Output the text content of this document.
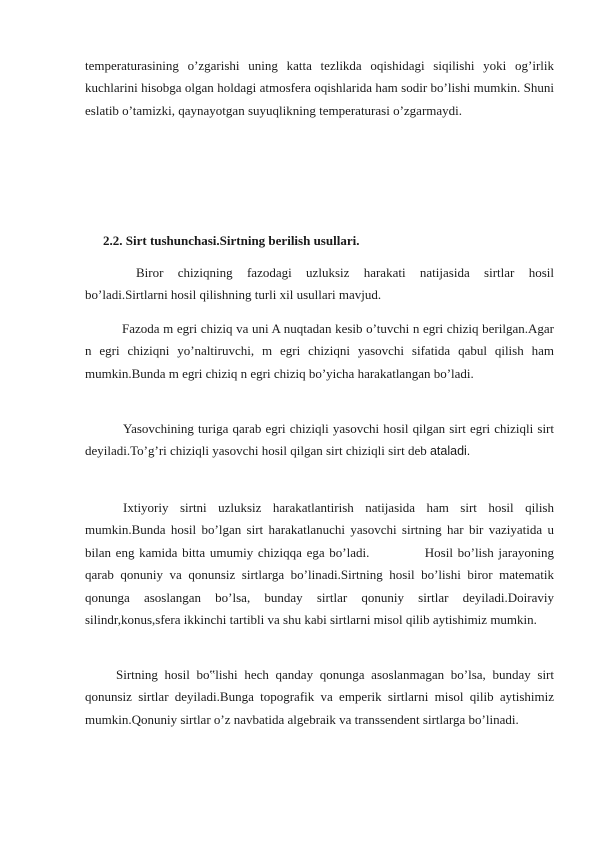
temperaturasining o’zgarishi uning katta tezlikda oqishidagi siqilishi yoki og’irlik kuchlarini hisobga olgan holdagi atmosfera oqishlarida ham sodir bo’lishi mumkin. Shuni eslatib o’tamizki, qaynayotgan suyuqlikning temperaturasi o’zgarmaydi.
2.2. Sirt tushunchasi.Sirtning berilish usullari.
Biror chiziqning fazodagi uzluksiz harakati natijasida sirtlar hosil bo’ladi.Sirtlarni hosil qilishning turli xil usullari mavjud.
Fazoda m egri chiziq va uni A nuqtadan kesib o’tuvchi n egri chiziq berilgan.Agar n egri chiziqni yo’naltiruvchi, m egri chiziqni yasovchi sifatida qabul qilish ham mumkin.Bunda m egri chiziq n egri chiziq bo’yicha harakatlangan bo’ladi.
Yasovchining turiga qarab egri chiziqli yasovchi hosil qilgan sirt egri chiziqli sirt deyiladi.To’g’ri chiziqli yasovchi hosil qilgan sirt chiziqli sirt deb ataladi.
Ixtiyoriy sirtni uzluksiz harakatlantirish natijasida ham sirt hosil qilish mumkin.Bunda hosil bo’lgan sirt harakatlanuchi yasovchi sirtning har bir vaziyatida u bilan eng kamida bitta umumiy chiziqqa ega bo’ladi.	Hosil bo’lish jarayoning qarab qonuniy va qonunsiz sirtlarga bo’linadi.Sirtning hosil bo’lishi biror matematik qonunga asoslangan bo’lsa, bunday sirtlar qonuniy sirtlar deyiladi.Doiraviy silindr,konus,sfera ikkinchi tartibli va shu kabi sirtlarni misol qilib aytishimiz mumkin.
Sirtning hosil bo‟lishi hech qanday qonunga asoslanmagan bo’lsa, bunday sirt qonunsiz sirtlar deyiladi.Bunga topografik va emperik sirtlarni misol qilib aytishimiz mumkin.Qonuniy sirtlar o’z navbatida algebraik va transsendent sirtlarga bo’linadi.
